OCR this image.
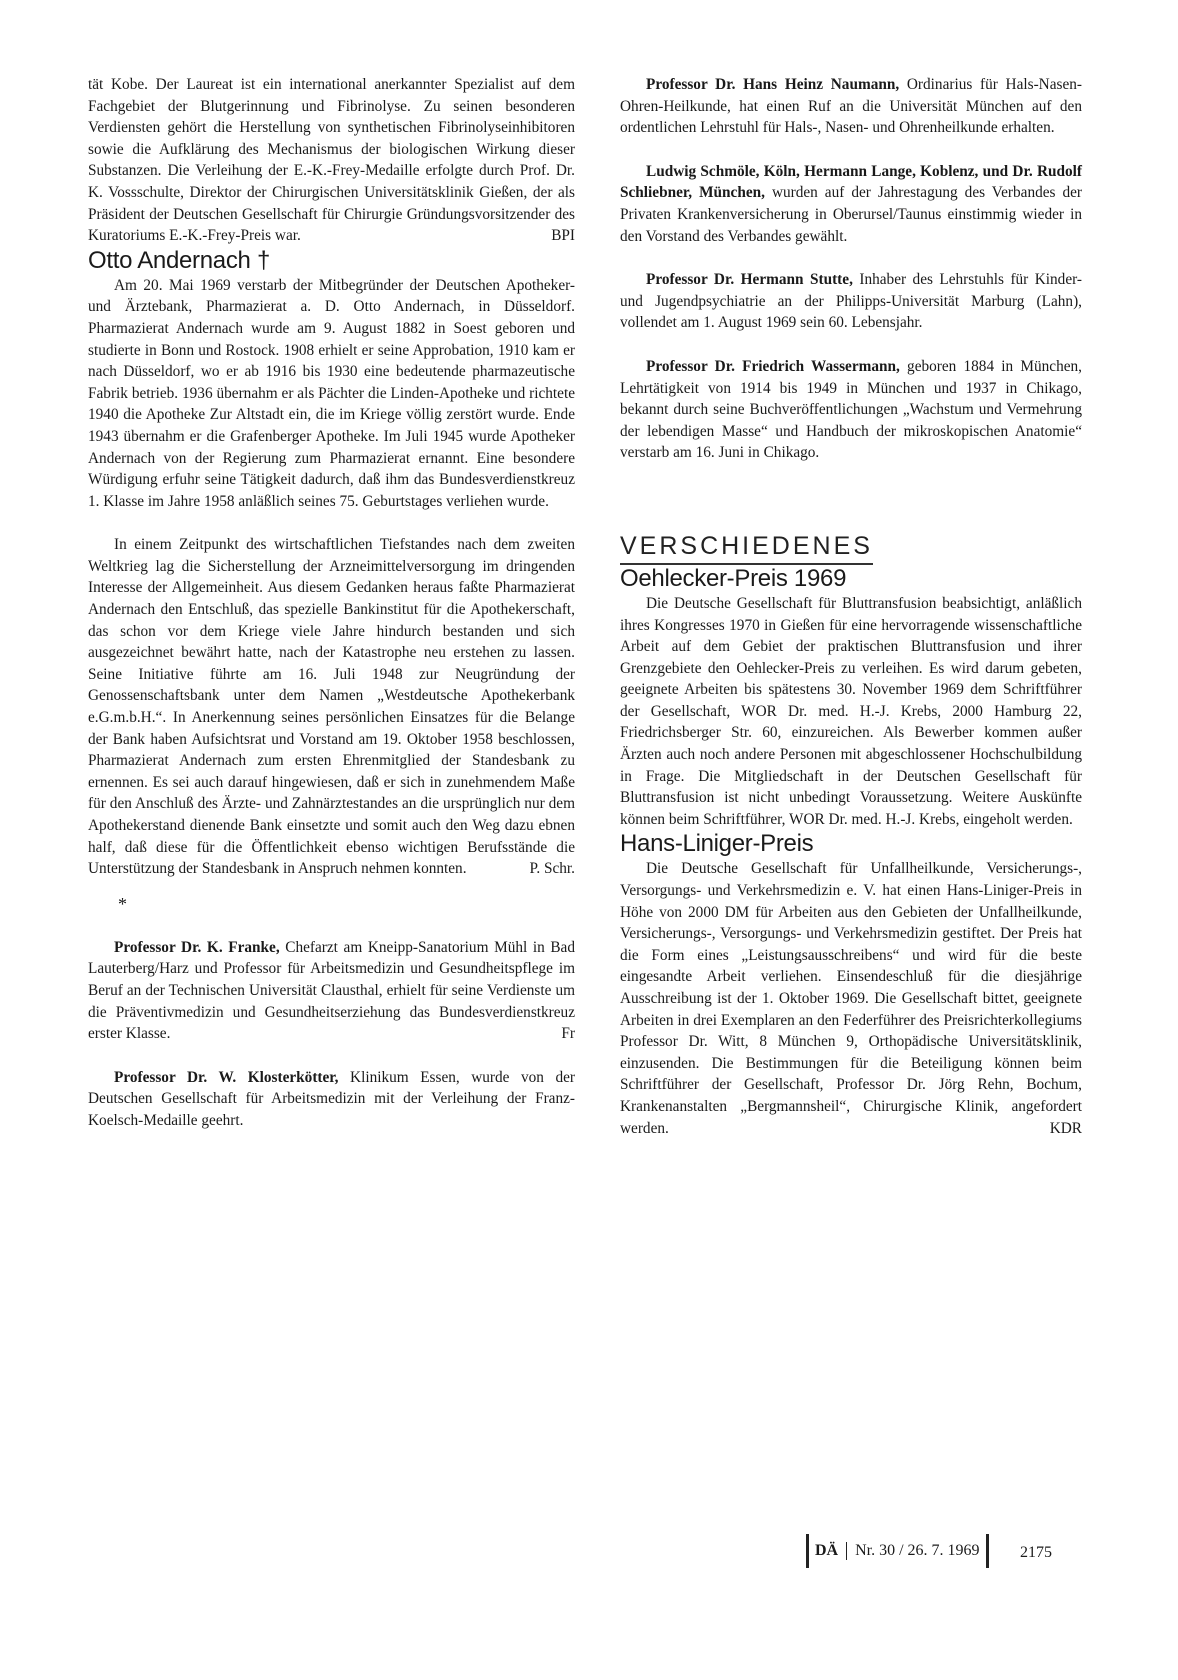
tät Kobe. Der Laureat ist ein international anerkannter Spezialist auf dem Fachgebiet der Blutgerinnung und Fibrinolyse. Zu seinen besonderen Verdiensten gehört die Herstellung von synthetischen Fibrinolyseinhibitoren sowie die Aufklärung des Mechanismus der biologischen Wirkung dieser Substanzen. Die Verleihung der E.-K.-Frey-Medaille erfolgte durch Prof. Dr. K. Vossschulte, Direktor der Chirurgischen Universitätsklinik Gießen, der als Präsident der Deutschen Gesellschaft für Chirurgie Gründungsvorsitzender des Kuratoriums E.-K.-Frey-Preis war.	BPI

Otto Andernach †

Am 20. Mai 1969 verstarb der Mitbegründer der Deutschen Apotheker- und Ärztebank, Pharmazierat a. D. Otto Andernach, in Düsseldorf. Pharmazierat Andernach wurde am 9. August 1882 in Soest geboren und studierte in Bonn und Rostock. 1908 erhielt er seine Approbation, 1910 kam er nach Düsseldorf, wo er ab 1916 bis 1930 eine bedeutende pharmazeutische Fabrik betrieb. 1936 übernahm er als Pächter die Linden-Apotheke und richtete 1940 die Apotheke Zur Altstadt ein, die im Kriege völlig zerstört wurde. Ende 1943 übernahm er die Grafenberger Apotheke. Im Juli 1945 wurde Apotheker Andernach von der Regierung zum Pharmazierat ernannt. Eine besondere Würdigung erfuhr seine Tätigkeit dadurch, daß ihm das Bundesverdienstkreuz 1. Klasse im Jahre 1958 anläßlich seines 75. Geburtstages verliehen wurde.

In einem Zeitpunkt des wirtschaftlichen Tiefstandes nach dem zweiten Weltkrieg lag die Sicherstellung der Arzneimittelversorgung im dringenden Interesse der Allgemeinheit. Aus diesem Gedanken heraus faßte Pharmazierat Andernach den Entschluß, das spezielle Bankinstitut für die Apothekerschaft, das schon vor dem Kriege viele Jahre hindurch bestanden und sich ausgezeichnet bewährt hatte, nach der Katastrophe neu erstehen zu lassen. Seine Initiative führte am 16. Juli 1948 zur Neugründung der Genossenschaftsbank unter dem Namen „Westdeutsche Apothekerbank e.G.m.b.H.“. In Anerkennung seines persönlichen Einsatzes für die Belange der Bank haben Aufsichtsrat und Vorstand am 19. Oktober 1958 beschlossen, Pharmazierat Andernach zum ersten Ehrenmitglied der Standesbank zu ernennen. Es sei auch darauf hingewiesen, daß er sich in zunehmendem Maße für den Anschluß des Ärzte- und Zahnärztestandes an die ursprünglich nur dem Apothekerstand dienende Bank einsetzte und somit auch den Weg dazu ebnen half, daß diese für die Öffentlichkeit ebenso wichtigen Berufsstände die Unterstützung der Standesbank in Anspruch nehmen konnten.	P. Schr.

*

Professor Dr. K. Franke, Chefarzt am Kneipp-Sanatorium Mühl in Bad Lauterberg/Harz und Professor für Arbeitsmedizin und Gesundheitspflege im Beruf an der Technischen Universität Clausthal, erhielt für seine Verdienste um die Präventivmedizin und Gesundheitserziehung das Bundesverdienstkreuz erster Klasse.	Fr

Professor Dr. W. Klosterkötter, Klinikum Essen, wurde von der Deutschen Gesellschaft für Arbeitsmedizin mit der Verleihung der Franz-Koelsch-Medaille geehrt.

Professor Dr. Hans Heinz Naumann, Ordinarius für Hals-Nasen-Ohren-Heilkunde, hat einen Ruf an die Universität München auf den ordentlichen Lehrstuhl für Hals-, Nasen- und Ohrenheilkunde erhalten.

Ludwig Schmöle, Köln, Hermann Lange, Koblenz, und Dr. Rudolf Schliebner, München, wurden auf der Jahrestagung des Verbandes der Privaten Krankenversicherung in Oberursel/Taunus einstimmig wieder in den Vorstand des Verbandes gewählt.

Professor Dr. Hermann Stutte, Inhaber des Lehrstuhls für Kinder- und Jugendpsychiatrie an der Philipps-Universität Marburg (Lahn), vollendet am 1. August 1969 sein 60. Lebensjahr.

Professor Dr. Friedrich Wassermann, geboren 1884 in München, Lehrtätigkeit von 1914 bis 1949 in München und 1937 in Chikago, bekannt durch seine Buchveröffentlichungen „Wachstum und Vermehrung der lebendigen Masse“ und Handbuch der mikroskopischen Anatomie“ verstarb am 16. Juni in Chikago.

VERSCHIEDENES
Oehlecker-Preis 1969

Die Deutsche Gesellschaft für Bluttransfusion beabsichtigt, anläßlich ihres Kongresses 1970 in Gießen für eine hervorragende wissenschaftliche Arbeit auf dem Gebiet der praktischen Bluttransfusion und ihrer Grenzgebiete den Oehlecker-Preis zu verleihen. Es wird darum gebeten, geeignete Arbeiten bis spätestens 30. November 1969 dem Schriftführer der Gesellschaft, WOR Dr. med. H.-J. Krebs, 2000 Hamburg 22, Friedrichsberger Str. 60, einzureichen. Als Bewerber kommen außer Ärzten auch noch andere Personen mit abgeschlossener Hochschulbildung in Frage. Die Mitgliedschaft in der Deutschen Gesellschaft für Bluttransfusion ist nicht unbedingt Voraussetzung. Weitere Auskünfte können beim Schriftführer, WOR Dr. med. H.-J. Krebs, eingeholt werden.

Hans-Liniger-Preis

Die Deutsche Gesellschaft für Unfallheilkunde, Versicherungs-, Versorgungs- und Verkehrsmedizin e. V. hat einen Hans-Liniger-Preis in Höhe von 2000 DM für Arbeiten aus den Gebieten der Unfallheilkunde, Versicherungs-, Versorgungs- und Verkehrsmedizin gestiftet. Der Preis hat die Form eines „Leistungsausschreibens“ und wird für die beste eingesandte Arbeit verliehen. Einsendeschluß für die diesjährige Ausschreibung ist der 1. Oktober 1969. Die Gesellschaft bittet, geeignete Arbeiten in drei Exemplaren an den Federführer des Preisrichterkollegiums Professor Dr. Witt, 8 München 9, Orthopädische Universitätsklinik, einzusenden. Die Bestimmungen für die Beteiligung können beim Schriftführer der Gesellschaft, Professor Dr. Jörg Rehn, Bochum, Krankenanstalten „Bergmannsheil“, Chirurgische Klinik, angefordert werden.	KDR

DÄ	Nr. 30 / 26. 7. 1969	2175
